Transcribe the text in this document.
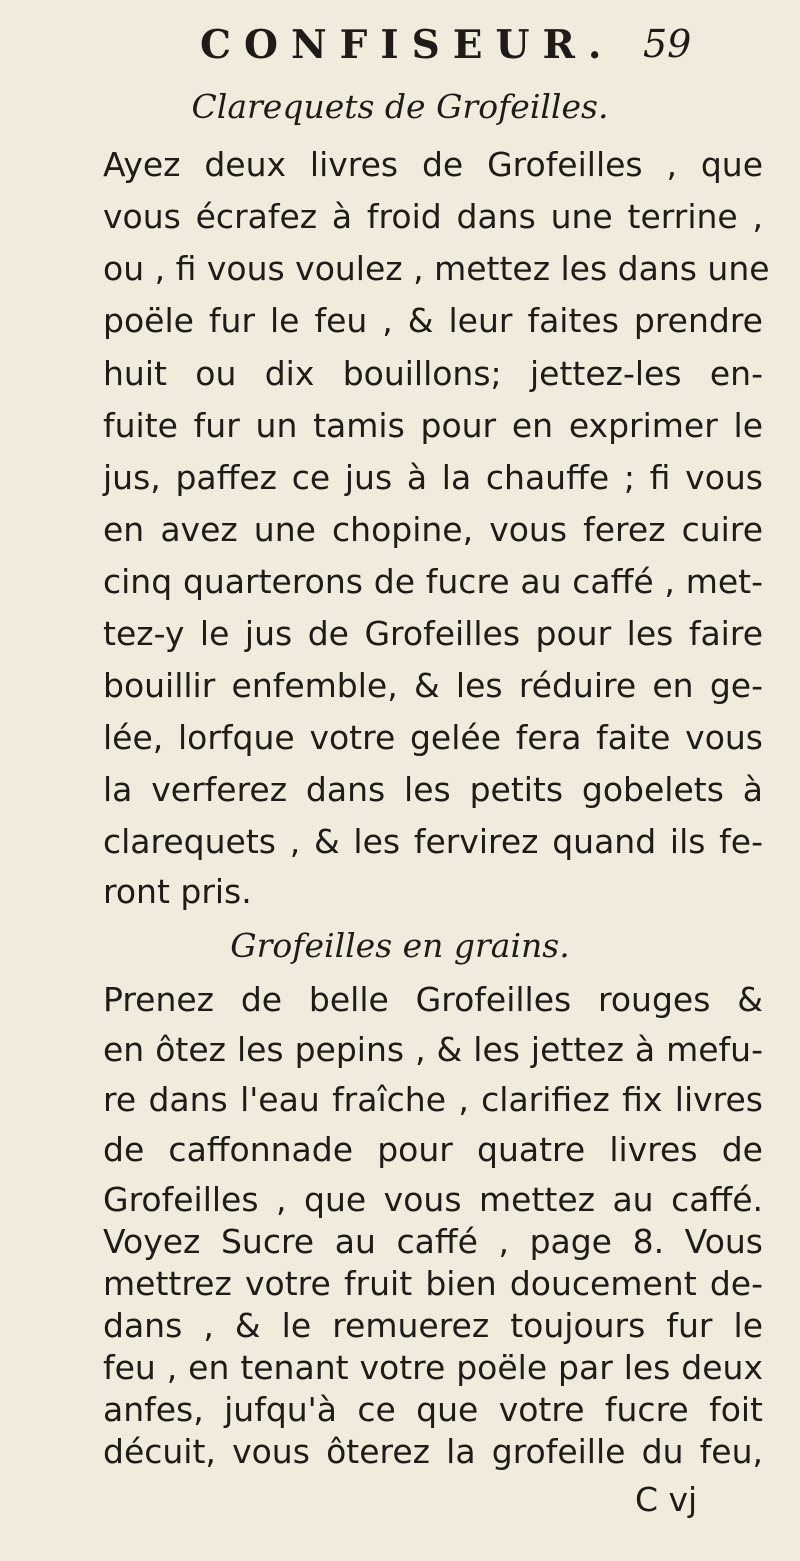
CONFISEUR. 59
Clarequets de Grofeilles.
Ayez deux livres de Grofeilles , que
vous écrafez à froid dans une terrine ,
ou , fi vous voulez , mettez les dans une
poële fur le feu , & leur faites prendre
huit ou dix bouillons; jettez-les en-
fuite fur un tamis pour en exprimer le
jus, paffez ce jus à la chauffe ; fi vous
en avez une chopine, vous ferez cuire
cinq quarterons de fucre au caffé , met-
tez-y le jus de Grofeilles pour les faire
bouillir enfemble, & les réduire en ge-
lée, lorfque votre gelée fera faite vous
la verferez dans les petits gobelets à
clarequets , & les fervirez quand ils fe-
ront pris.
Grofeilles en grains.
Prenez de belle Grofeilles rouges &
en ôtez les pepins , & les jettez à mefu-
re dans l'eau fraîche , clarifiez fix livres
de caffonnade pour quatre livres de
Grofeilles , que vous mettez au caffé.
Voyez Sucre au caffé , page 8. Vous
mettrez votre fruit bien doucement de-
dans , & le remuerez toujours fur le
feu , en tenant votre poële par les deux
anfes, jufqu'à ce que votre fucre foit
décuit, vous ôterez la grofeille du feu,
C vj
